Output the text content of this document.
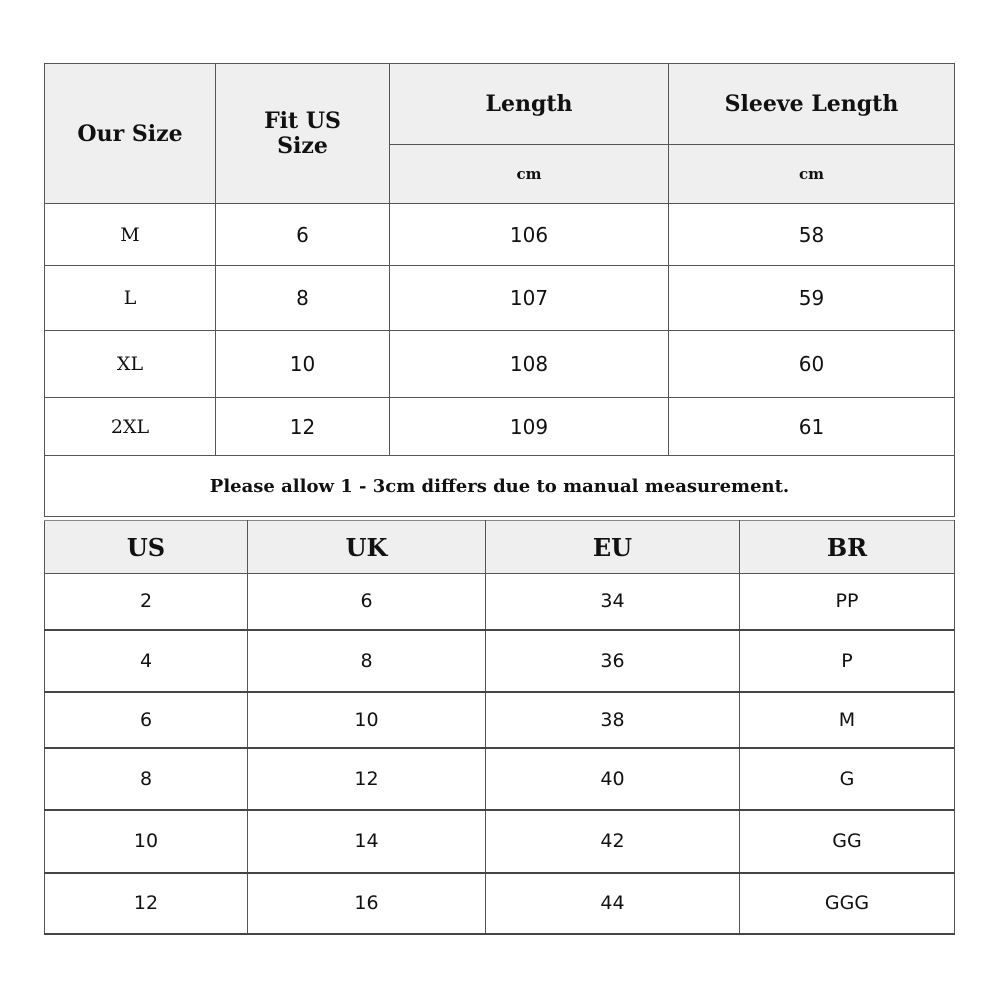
Our Size	Fit US Size	Length	Sleeve Length
		cm	cm
M	6	106	58
L	8	107	59
XL	10	108	60
2XL	12	109	61
Please allow 1 - 3cm differs due to manual measurement.			
US	UK	EU	BR
2	6	34	PP
4	8	36	P
6	10	38	M
8	12	40	G
10	14	42	GG
12	16	44	GGG
